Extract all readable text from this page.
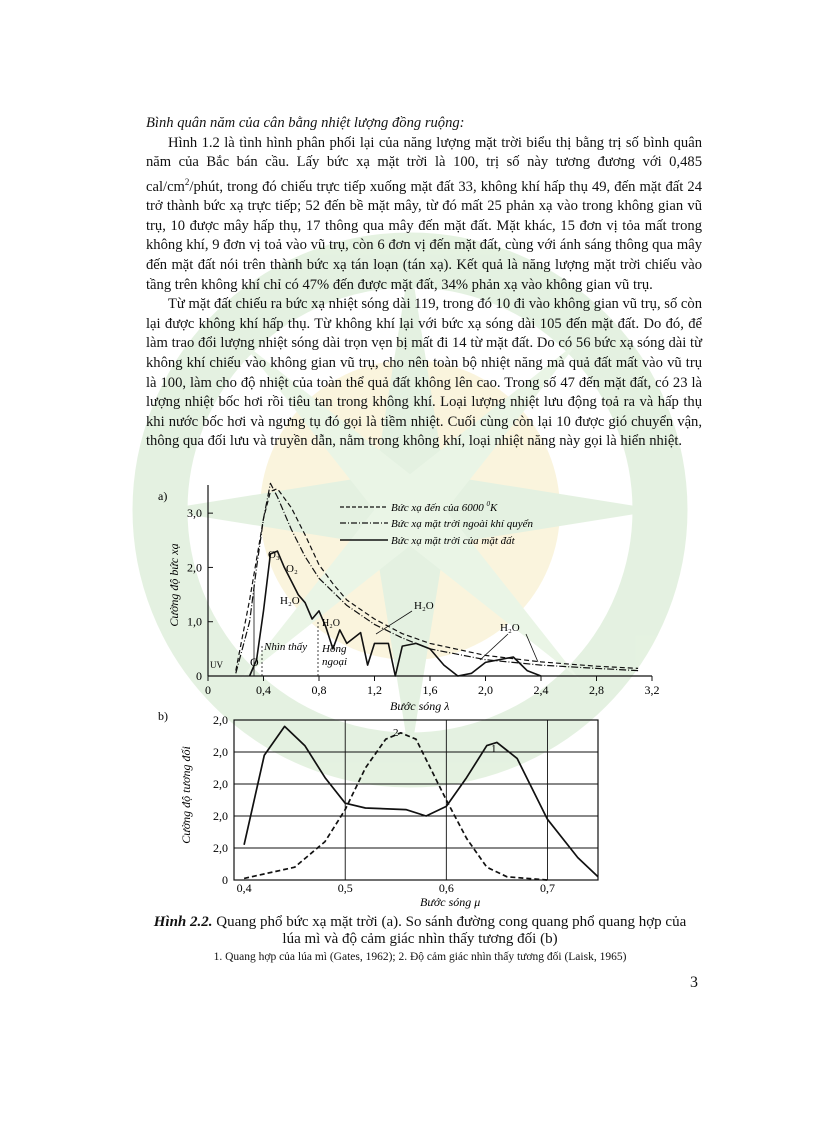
Bình quân năm của cân bằng nhiệt lượng đồng ruộng:

Hình 1.2 là tình hình phân phối lại của năng lượng mặt trời biểu thị bằng trị số bình quân năm của Bắc bán cầu. Lấy bức xạ mặt trời là 100, trị số này tương đương với 0,485 cal/$cm^2$/phút, trong đó chiếu trực tiếp xuống mặt đất 33, không khí hấp thụ 49, đến mặt đất 24 trở thành bức xạ trực tiếp; 52 đến bề mặt mây, từ đó mất 25 phản xạ vào trong không gian vũ trụ, 10 được mây hấp thụ, 17 thông qua mây đến mặt đất. Mặt khác, 15 đơn vị tỏa mất trong không khí, 9 đơn vị toả vào vũ trụ, còn 6 đơn vị đến mặt đất, cùng với ánh sáng thông qua mây đến mặt đất nói trên thành bức xạ tán loạn (tán xạ). Kết quả là năng lượng mặt trời chiếu vào tầng trên không khí chỉ có 47% đến được mặt đất, 34% phản xạ vào không gian vũ trụ.

Từ mặt đất chiếu ra bức xạ nhiệt sóng dài 119, trong đó 10 đi vào không gian vũ trụ, số còn lại được không khí hấp thụ. Từ không khí lại với bức xạ sóng dài 105 đến mặt đất. Do đó, để làm trao đổi lượng nhiệt sóng dài trọn vẹn bị mất đi 14 từ mặt đất. Do có 56 bức xạ sóng dài từ không khí chiếu vào không gian vũ trụ, cho nên toàn bộ nhiệt năng mà quả đất mất vào vũ trụ là 100, làm cho độ nhiệt của toàn thể quả đất không lên cao. Trong số 47 đến mặt đất, có 23 là lượng nhiệt bốc hơi rồi tiêu tan trong không khí. Loại lượng nhiệt lưu động toả ra và hấp thụ khi nước bốc hơi và ngưng tụ đó gọi là tiềm nhiệt. Cuối cùng còn lại 10 được gió chuyển vận, thông qua đối lưu và truyền dẫn, nằm trong không khí, loại nhiệt năng này gọi là hiển nhiệt.

a)
0
1,0
2,0
3,0
0	0,4	0,8	1,2	1,6	2,0	2,4	2,8	3,2
Cường độ bức xạ
Bước sóng λ
UV O
Nhìn thấy Hồng
ngoại
O₃
O₂
H₂O
H₂O
H₂O
H₂O
Bức xạ đến của 6000 $^0$K
Bức xạ mặt trời ngoài khí quyển
Bức xạ mặt trời của mặt đất
b)
0
2,0
2,0
2,0
2,0
2,0
0,4	0,5	0,6	0,7
Cường độ tương đối
Bước sóng μ
2
1
Hình 2.2. Quang phổ bức xạ mặt trời (a). So sánh đường cong quang phổ quang hợp của lúa mì và độ cảm giác nhìn thấy tương đối (b)
1. Quang hợp của lúa mì (Gates, 1962); 2. Độ cảm giác nhìn thấy tương đối (Laisk, 1965)
3
